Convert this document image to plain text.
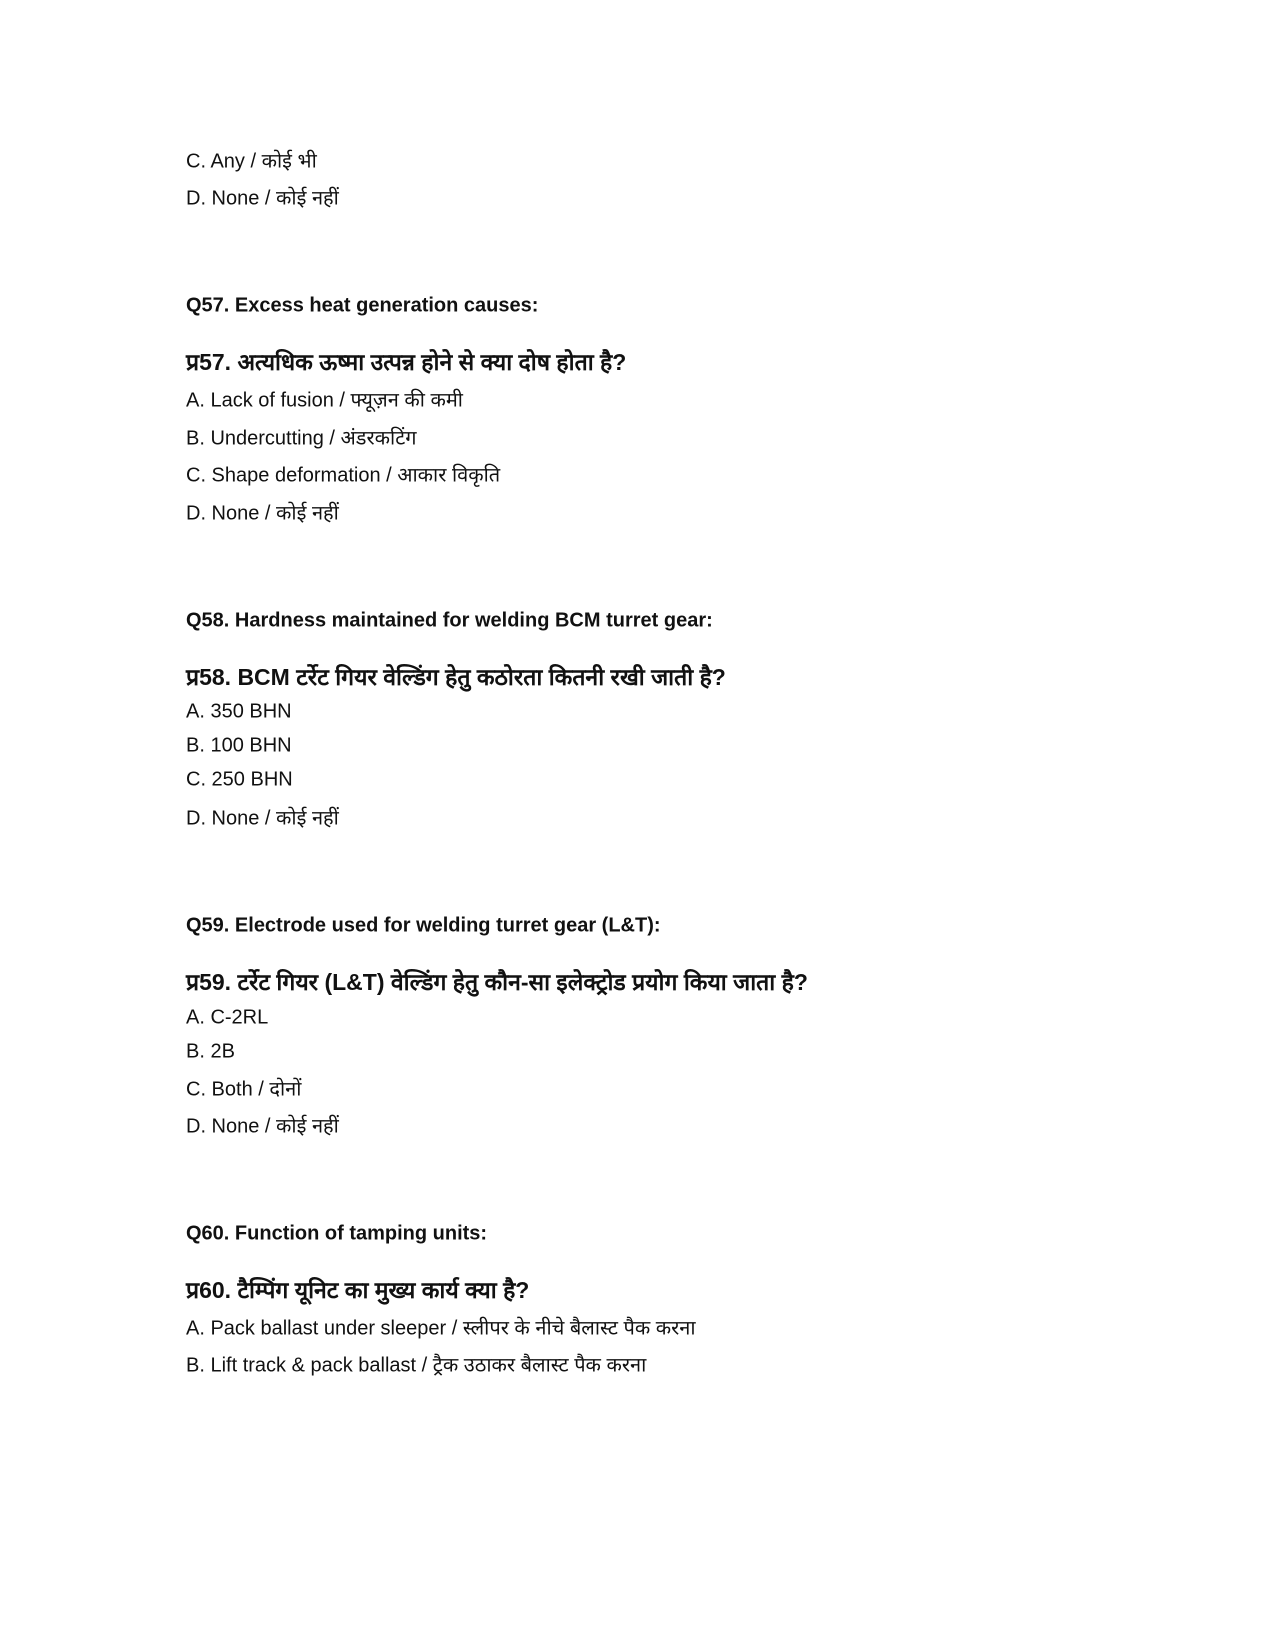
C. Any / कोई भी
D. None / कोई नहीं
Q57. Excess heat generation causes:
प्र57. अत्यधिक ऊष्मा उत्पन्न होने से क्या दोष होता है?
A. Lack of fusion / फ्यूज़न की कमी
B. Undercutting / अंडरकटिंग
C. Shape deformation / आकार विकृति
D. None / कोई नहीं
Q58. Hardness maintained for welding BCM turret gear:
प्र58. BCM टर्रेट गियर वेल्डिंग हेतु कठोरता कितनी रखी जाती है?
A. 350 BHN
B. 100 BHN
C. 250 BHN
D. None / कोई नहीं
Q59. Electrode used for welding turret gear (L&T):
प्र59. टर्रेट गियर (L&T) वेल्डिंग हेतु कौन-सा इलेक्ट्रोड प्रयोग किया जाता है?
A. C-2RL
B. 2B
C. Both / दोनों
D. None / कोई नहीं
Q60. Function of tamping units:
प्र60. टैम्पिंग यूनिट का मुख्य कार्य क्या है?
A. Pack ballast under sleeper / स्लीपर के नीचे बैलास्ट पैक करना
B. Lift track & pack ballast / ट्रैक उठाकर बैलास्ट पैक करना
